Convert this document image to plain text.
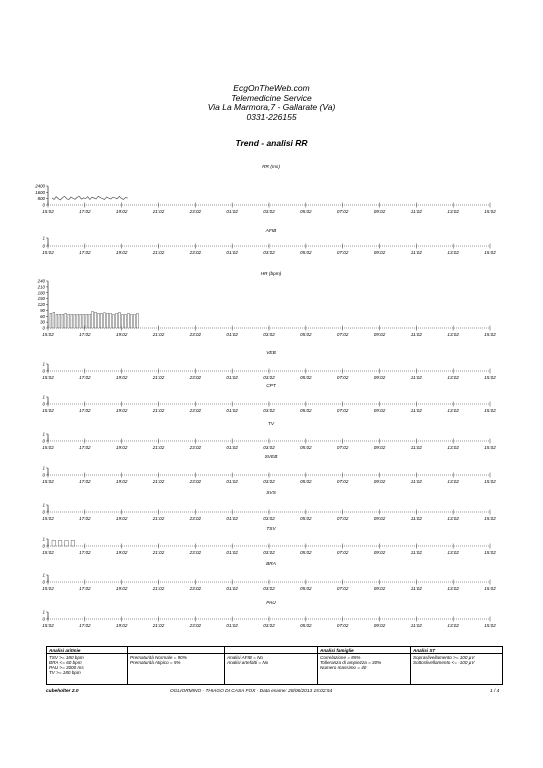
EcgOnTheWeb.com
Telemedicine Service
Via La Marmora,7 - Gallarate (Va)
0331-226155
Trend - analisi RR
RR (ms)
2400
1600
800
0
15:02	17:02	19:02	21:02	23:02	01:02	03:02	05:02	07:02	09:02	11:02	13:02	15:02
AFIB
1
0
15:02	17:02	19:02	21:02	23:02	01:02	03:02	05:02	07:02	09:02	11:02	13:02	15:02
HR (bpm)
240
210
180
150
120
90
60
30
0
15:02	17:02	19:02	21:02	23:02	01:02	03:02	05:02	07:02	09:02	11:02	13:02	15:02
VEB
1
0
15:02	17:02	19:02	21:02	23:02	01:02	03:02	05:02	07:02	09:02	11:02	13:02	15:02
CPT
1
0
15:02	17:02	19:02	21:02	23:02	01:02	03:02	05:02	07:02	09:02	11:02	13:02	15:02
TV
1
0
15:02	17:02	19:02	21:02	23:02	01:02	03:02	05:02	07:02	09:02	11:02	13:02	15:02
SVEB
1
0
15:02	17:02	19:02	21:02	23:02	01:02	03:02	05:02	07:02	09:02	11:02	13:02	15:02
SVS
1
0
15:02	17:02	19:02	21:02	23:02	01:02	03:02	05:02	07:02	09:02	11:02	13:02	15:02
TSV
1
0
15:02	17:02	19:02	21:02	23:02	01:02	03:02	05:02	07:02	09:02	11:02	13:02	15:02
BRA
1
0
15:02	17:02	19:02	21:02	23:02	01:02	03:02	05:02	07:02	09:02	11:02	13:02	15:02
PAU
1
0
15:02	17:02	19:02	21:02	23:02	01:02	03:02	05:02	07:02	09:02	11:02	13:02	15:02
Analisi aritmie
TSV >= 180 bpm
BRA <= 60 bpm
PAU >= 3000 ms
TV >= 180 bpm

Prematurità Normale = 90%
Prematurità Atipico = 5%

Analisi AFIB = No
Analisi artefatti = No
Analisi famiglie
Correlazione = 85%
Tolleranza di ampiezza = 30%
Numero massimo = 40
Analisi ST
Sopraslivellamento >= 100 µV
Sottoslivellamento <= -100 µV
cubeholter 2.0	OGLIORMINO - THIAGO DI CASA FOX · Data esame: 28/06/2013 15:02:54	1 / 4
